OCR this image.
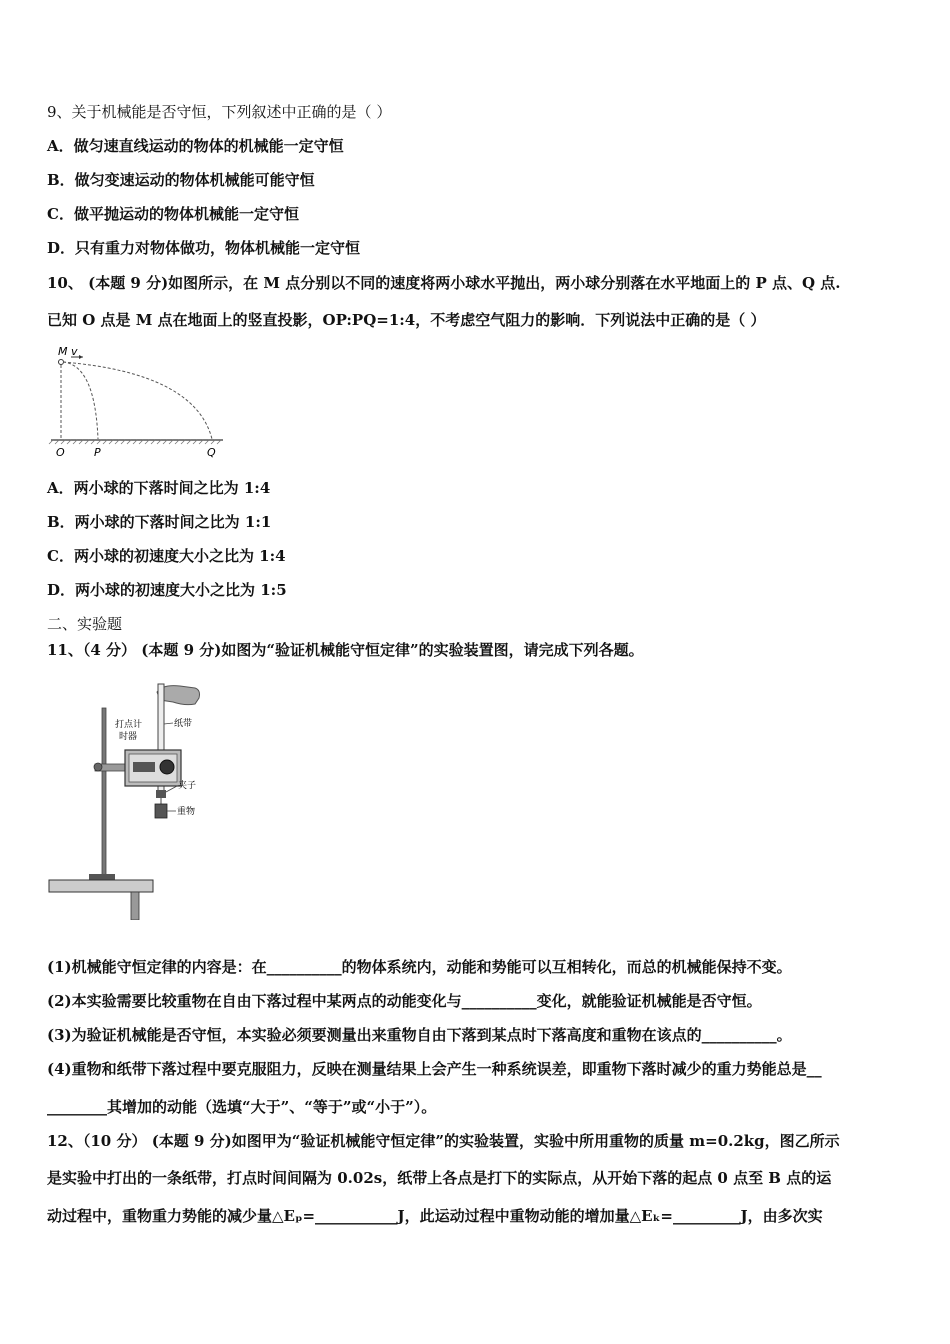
9、关于机械能是否守恒，下列叙述中正确的是（ ）
A．做匀速直线运动的物体的机械能一定守恒
B．做匀变速运动的物体机械能可能守恒
C．做平抛运动的物体机械能一定守恒
D．只有重力对物体做功，物体机械能一定守恒
10、 (本题 9 分)如图所示，在 M 点分别以不同的速度将两小球水平抛出，两小球分别落在水平地面上的 P 点、Q 点.
已知 O 点是 M 点在地面上的竖直投影，OP:PQ=1:4，不考虑空气阻力的影响．下列说法中正确的是（ ）
M v
O	P	Q
A．两小球的下落时间之比为 1:4
B．两小球的下落时间之比为 1:1
C．两小球的初速度大小之比为 1:4
D．两小球的初速度大小之比为 1:5
二、实验题
11、（4 分） (本题 9 分)如图为“验证机械能守恒定律”的实验装置图，请完成下列各题。
纸带
打点计
时器
夹子
重物
(1)机械能守恒定律的内容是：在__________的物体系统内，动能和势能可以互相转化，而总的机械能保持不变。
(2)本实验需要比较重物在自由下落过程中某两点的动能变化与__________变化，就能验证机械能是否守恒。
(3)为验证机械能是否守恒，本实验必须要测量出来重物自由下落到某点时下落高度和重物在该点的__________。
(4)重物和纸带下落过程中要克服阻力，反映在测量结果上会产生一种系统误差，即重物下落时减少的重力势能总是__
________其增加的动能（选填“大于”、“等于”或“小于”）。
12、（10 分） (本题 9 分)如图甲为“验证机械能守恒定律”的实验装置，实验中所用重物的质量 m=0.2kg，图乙所示
是实验中打出的一条纸带，打点时间间隔为 0.02s，纸带上各点是打下的实际点，从开始下落的起点 0 点至 B 点的运
动过程中，重物重力势能的减少量△Eₚ=___________J，此运动过程中重物动能的增加量△Eₖ=_________J，由多次实
